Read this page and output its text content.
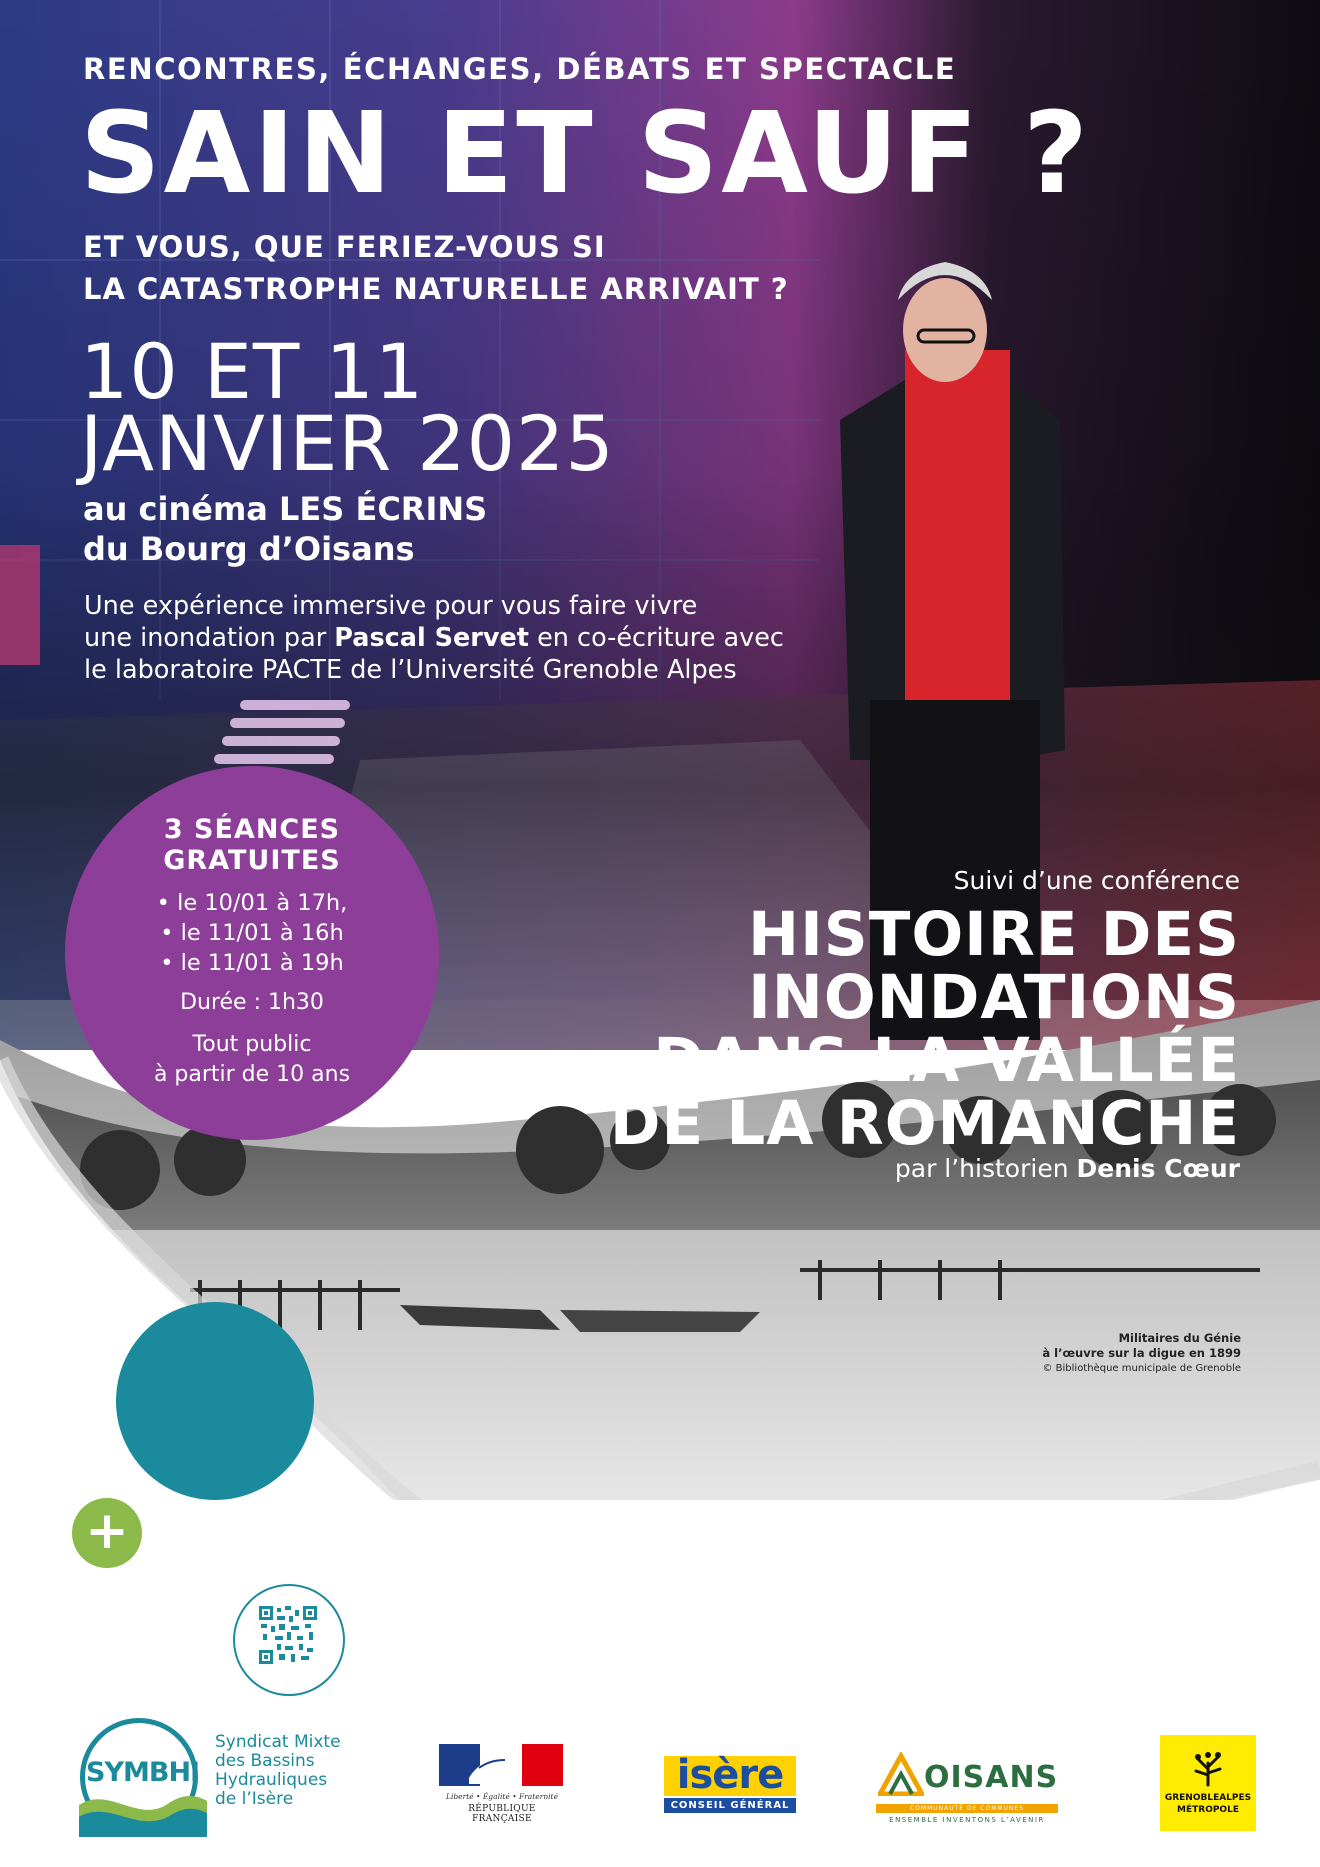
RENCONTRES, ÉCHANGES, DÉBATS ET SPECTACLE
SAIN ET SAUF ?
ET VOUS, QUE FERIEZ-VOUS SI
LA CATASTROPHE NATURELLE ARRIVAIT ?
10 ET 11
JANVIER 2025
au cinéma LES ÉCRINS
du Bourg d’Oisans
Une expérience immersive pour vous faire vivre
une inondation par Pascal Servet en co-écriture avec
le laboratoire PACTE de l’Université Grenoble Alpes
3 SÉANCES
GRATUITES
• le 10/01 à 17h,
• le 11/01 à 16h
• le 11/01 à 19h
Durée : 1h30
Tout public
à partir de 10 ans
Suivi d’une conférence
HISTOIRE DES
INONDATIONS
DANS LA VALLÉE
DE LA ROMANCHE
par l’historien Denis Cœur
Militaires du Génie
à l’œuvre sur la digue en 1899
© Bibliothèque municipale de Grenoble
+	D’INFOS SUR
symbhi.fr
SYMBHI
Syndicat Mixte
des Bassins
Hydrauliques
de l’Isère	Liberté • Égalité • Fraternité
RÉPUBLIQUE FRANÇAISE
isère
CONSEIL GÉNÉRAL
OISANS
COMMUNAUTÉ DE COMMUNES
ENSEMBLE INVENTONS L’AVENIR
GRENOBLEALPES
MÉTROPOLE
